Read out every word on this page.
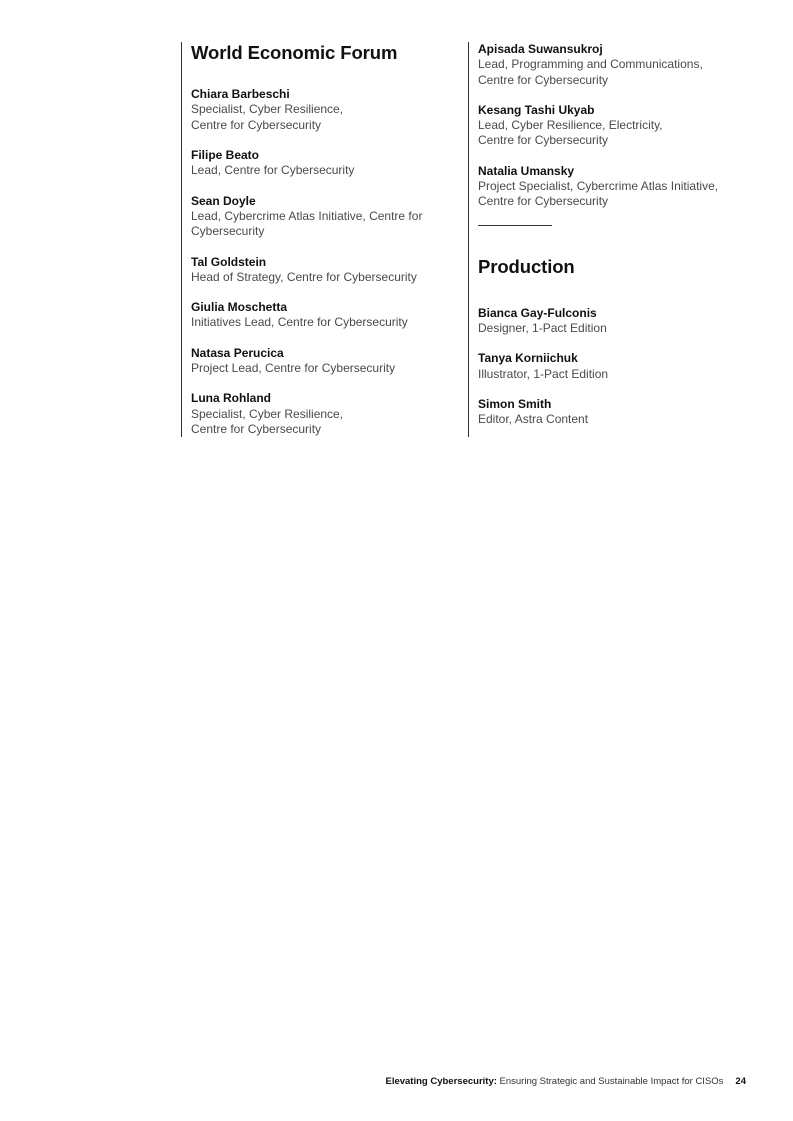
World Economic Forum
Chiara Barbeschi
Specialist, Cyber Resilience,
Centre for Cybersecurity
Filipe Beato
Lead, Centre for Cybersecurity
Sean Doyle
Lead, Cybercrime Atlas Initiative, Centre for
Cybersecurity
Tal Goldstein
Head of Strategy, Centre for Cybersecurity
Giulia Moschetta
Initiatives Lead, Centre for Cybersecurity
Natasa Perucica
Project Lead, Centre for Cybersecurity
Luna Rohland
Specialist, Cyber Resilience,
Centre for Cybersecurity
Apisada Suwansukroj
Lead, Programming and Communications,
Centre for Cybersecurity
Kesang Tashi Ukyab
Lead, Cyber Resilience, Electricity,
Centre for Cybersecurity
Natalia Umansky
Project Specialist, Cybercrime Atlas Initiative,
Centre for Cybersecurity
Production
Bianca Gay-Fulconis
Designer, 1-Pact Edition
Tanya Korniichuk
Illustrator, 1-Pact Edition
Simon Smith
Editor, Astra Content
Elevating Cybersecurity: Ensuring Strategic and Sustainable Impact for CISOs 24
